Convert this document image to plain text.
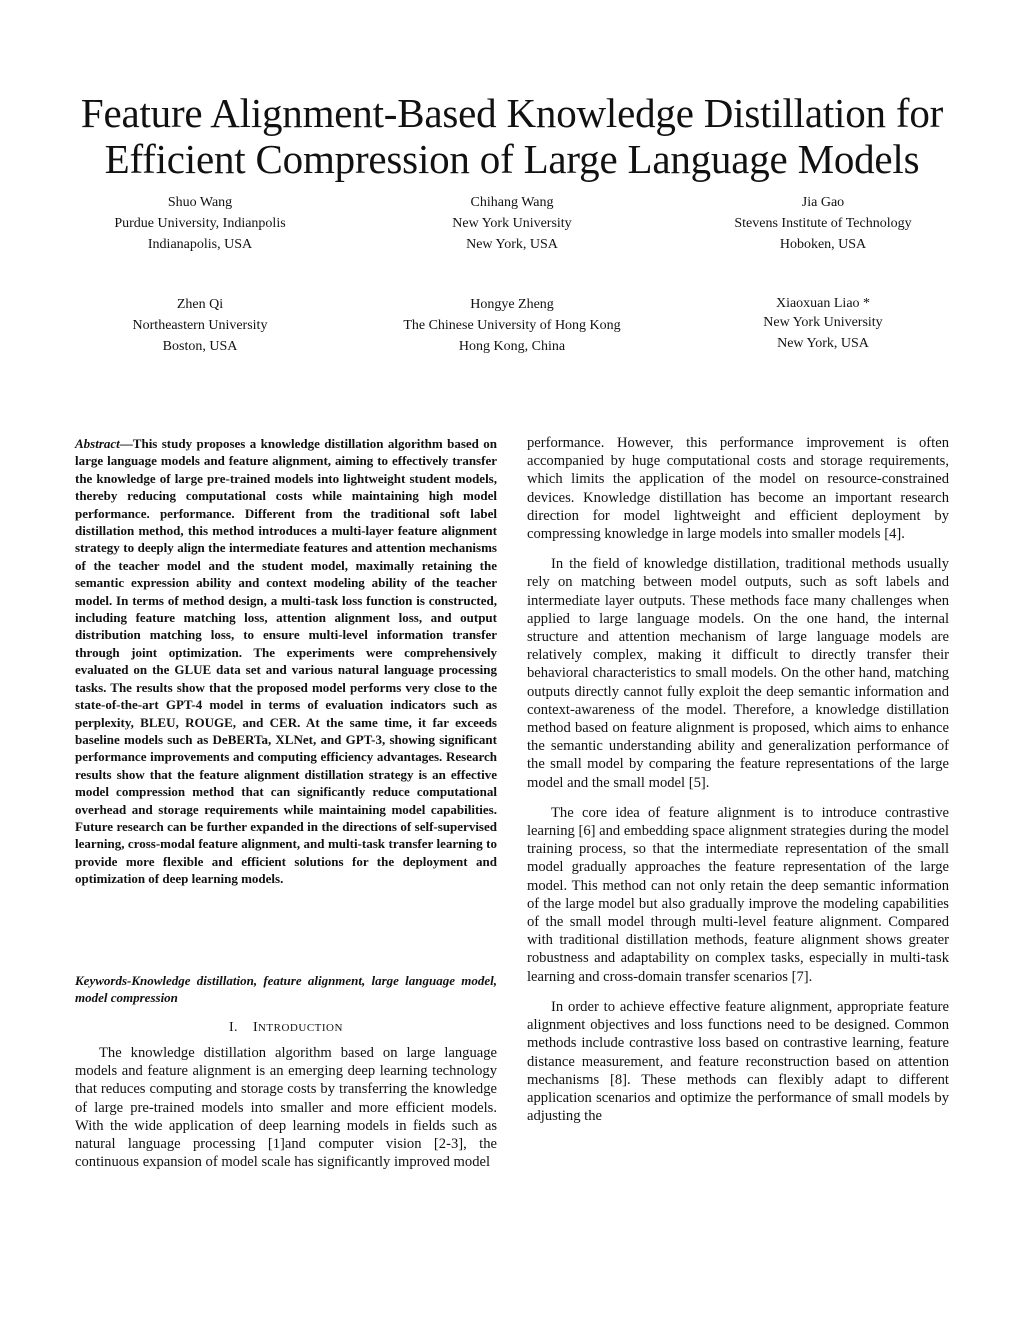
Feature Alignment-Based Knowledge Distillation for Efficient Compression of Large Language Models
Shuo Wang
Purdue University, Indianpolis
Indianapolis, USA
Chihang Wang
New York University
New York, USA
Jia Gao
Stevens Institute of Technology
Hoboken, USA
Zhen Qi
Northeastern University
Boston, USA
Hongye Zheng
The Chinese University of Hong Kong
Hong Kong, China
Xiaoxuan Liao *
New York University
New York, USA
Abstract—This study proposes a knowledge distillation algorithm based on large language models and feature alignment, aiming to effectively transfer the knowledge of large pre-trained models into lightweight student models, thereby reducing computational costs while maintaining high model performance. performance. Different from the traditional soft label distillation method, this method introduces a multi-layer feature alignment strategy to deeply align the intermediate features and attention mechanisms of the teacher model and the student model, maximally retaining the semantic expression ability and context modeling ability of the teacher model. In terms of method design, a multi-task loss function is constructed, including feature matching loss, attention alignment loss, and output distribution matching loss, to ensure multi-level information transfer through joint optimization. The experiments were comprehensively evaluated on the GLUE data set and various natural language processing tasks. The results show that the proposed model performs very close to the state-of-the-art GPT-4 model in terms of evaluation indicators such as perplexity, BLEU, ROUGE, and CER. At the same time, it far exceeds baseline models such as DeBERTa, XLNet, and GPT-3, showing significant performance improvements and computing efficiency advantages. Research results show that the feature alignment distillation strategy is an effective model compression method that can significantly reduce computational overhead and storage requirements while maintaining model capabilities. Future research can be further expanded in the directions of self-supervised learning, cross-modal feature alignment, and multi-task transfer learning to provide more flexible and efficient solutions for the deployment and optimization of deep learning models.
Keywords-Knowledge distillation, feature alignment, large language model, model compression
I. INTRODUCTION

The knowledge distillation algorithm based on large language models and feature alignment is an emerging deep learning technology that reduces computing and storage costs by transferring the knowledge of large pre-trained models into smaller and more efficient models. With the wide application of deep learning models in fields such as natural language processing [1]and computer vision [2-3], the continuous expansion of model scale has significantly improved model

performance. However, this performance improvement is often accompanied by huge computational costs and storage requirements, which limits the application of the model on resource-constrained devices. Knowledge distillation has become an important research direction for model lightweight and efficient deployment by compressing knowledge in large models into smaller models [4].

In the field of knowledge distillation, traditional methods usually rely on matching between model outputs, such as soft labels and intermediate layer outputs. These methods face many challenges when applied to large language models. On the one hand, the internal structure and attention mechanism of large language models are relatively complex, making it difficult to directly transfer their behavioral characteristics to small models. On the other hand, matching outputs directly cannot fully exploit the deep semantic information and context-awareness of the model. Therefore, a knowledge distillation method based on feature alignment is proposed, which aims to enhance the semantic understanding ability and generalization performance of the small model by comparing the feature representations of the large model and the small model [5].

The core idea of feature alignment is to introduce contrastive learning [6] and embedding space alignment strategies during the model training process, so that the intermediate representation of the small model gradually approaches the feature representation of the large model. This method can not only retain the deep semantic information of the large model but also gradually improve the modeling capabilities of the small model through multi-level feature alignment. Compared with traditional distillation methods, feature alignment shows greater robustness and adaptability on complex tasks, especially in multi-task learning and cross-domain transfer scenarios [7].

In order to achieve effective feature alignment, appropriate feature alignment objectives and loss functions need to be designed. Common methods include contrastive loss based on contrastive learning, feature distance measurement, and feature reconstruction based on attention mechanisms [8]. These methods can flexibly adapt to different application scenarios and optimize the performance of small models by adjusting the
